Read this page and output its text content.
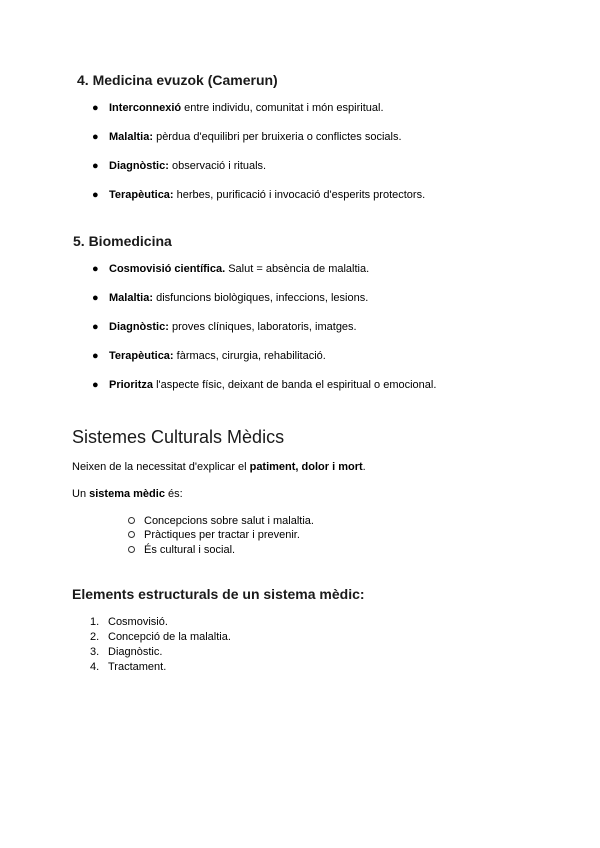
4. Medicina evuzok (Camerun)
● Interconnexió entre individu, comunitat i món espiritual.
● Malaltia: pèrdua d'equilibri per bruixeria o conflictes socials.
● Diagnòstic: observació i rituals.
● Terapèutica: herbes, purificació i invocació d'esperits protectors.
5. Biomedicina
● Cosmovisió científica. Salut = absència de malaltia.
● Malaltia: disfuncions biològiques, infeccions, lesions.
● Diagnòstic: proves clíniques, laboratoris, imatges.
● Terapèutica: fàrmacs, cirurgia, rehabilitació.
● Prioritza l'aspecte físic, deixant de banda el espiritual o emocional.
Sistemes Culturals Mèdics
Neixen de la necessitat d'explicar el patiment, dolor i mort.
Un sistema mèdic és:
Concepcions sobre salut i malaltia.
Pràctiques per tractar i prevenir.
És cultural i social.
Elements estructurals de un sistema mèdic:
1. Cosmovisió.
2. Concepció de la malaltia.
3. Diagnòstic.
4. Tractament.
